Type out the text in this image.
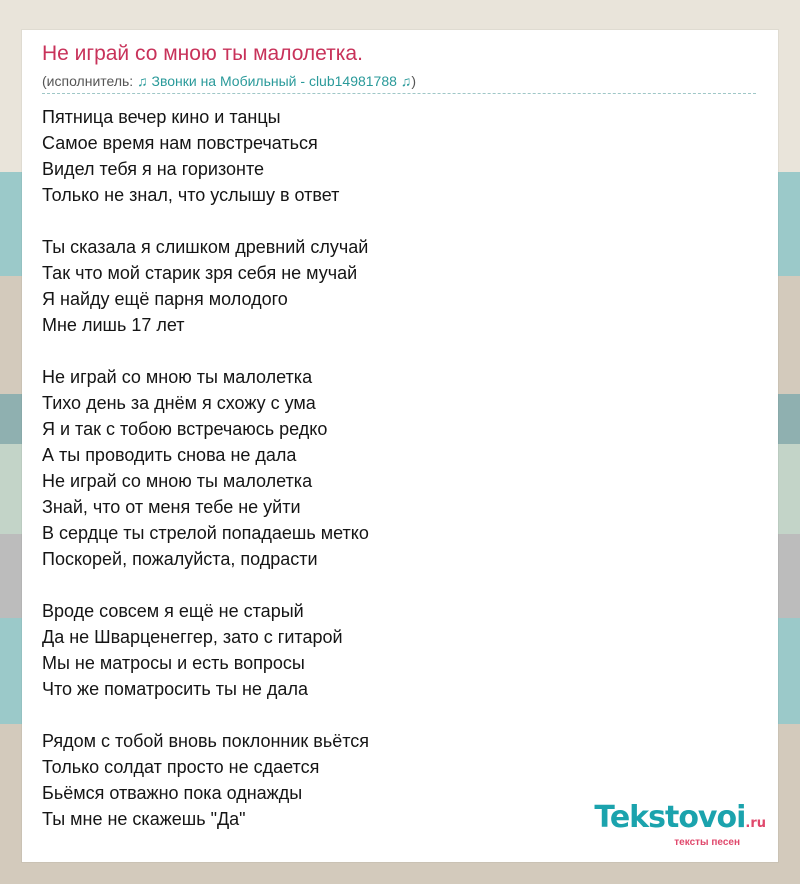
Не играй со мною ты малолетка.
(исполнитель: ♫ Звонки на Мобильный - club14981788 ♫)
Пятница вечер кино и танцы
Самое время нам повстречаться
Видел тебя я на горизонте
Только не знал, что услышу в ответ
Ты сказала я слишком древний случай
Так что мой старик зря себя не мучай
Я найду ещё парня молодого
Мне лишь 17 лет
Не играй со мною ты малолетка
Тихо день за днём я схожу с ума
Я и так с тобою встречаюсь редко
А ты проводить снова не дала
Не играй со мною ты малолетка
Знай, что от меня тебе не уйти
В сердце ты стрелой попадаешь метко
Поскорей, пожалуйста, подрасти
Вроде совсем я ещё не старый
Да не Шварценеггер, зато с гитарой
Мы не матросы и есть вопросы
Что же поматросить ты не дала
Рядом с тобой вновь поклонник вьётся
Только солдат просто не сдается
Бьёмся отважно пока однажды
Ты мне не скажешь "Да"	Tekstovoi.ru
тексты песен
